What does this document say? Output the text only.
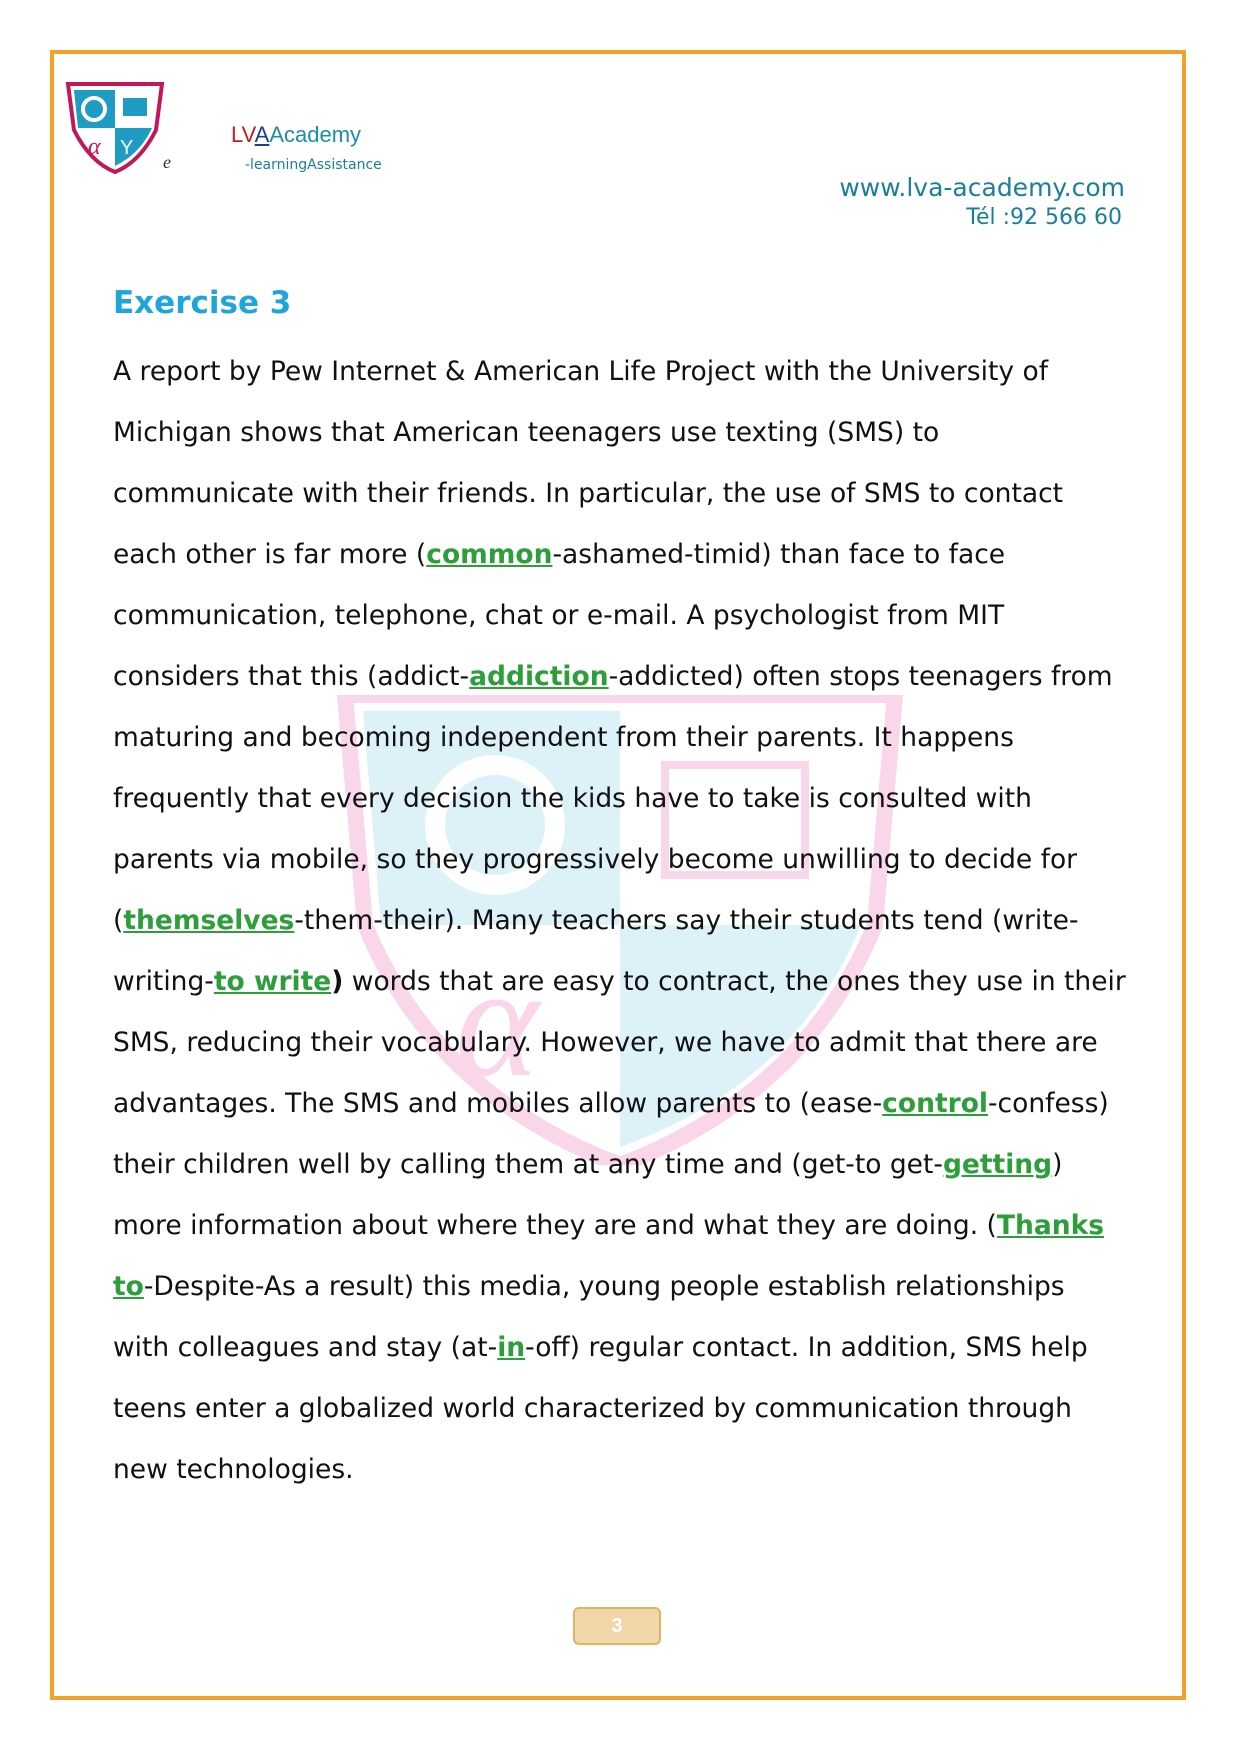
α Y
LVAAcademy
e	-learningAssistance
www.lva-academy.com
Tél :92 566 60
α
Exercise 3

A report by Pew Internet & American Life Project with the University of Michigan shows that American teenagers use texting (SMS) to communicate with their friends. In particular, the use of SMS to contact each other is far more (common-ashamed-timid) than face to face communication, telephone, chat or e-mail. A psychologist from MIT considers that this (addict-addiction-addicted) often stops teenagers from maturing and becoming independent from their parents. It happens frequently that every decision the kids have to take is consulted with parents via mobile, so they progressively become unwilling to decide for (themselves-them-their). Many teachers say their students tend (write-writing-to write) words that are easy to contract, the ones they use in their SMS, reducing their vocabulary. However, we have to admit that there are advantages. The SMS and mobiles allow parents to (ease-control-confess) their children well by calling them at any time and (get-to get-getting) more information about where they are and what they are doing. (Thanks to-Despite-As a result) this media, young people establish relationships with colleagues and stay (at-in-off) regular contact. In addition, SMS help teens enter a globalized world characterized by communication through new technologies.

3
